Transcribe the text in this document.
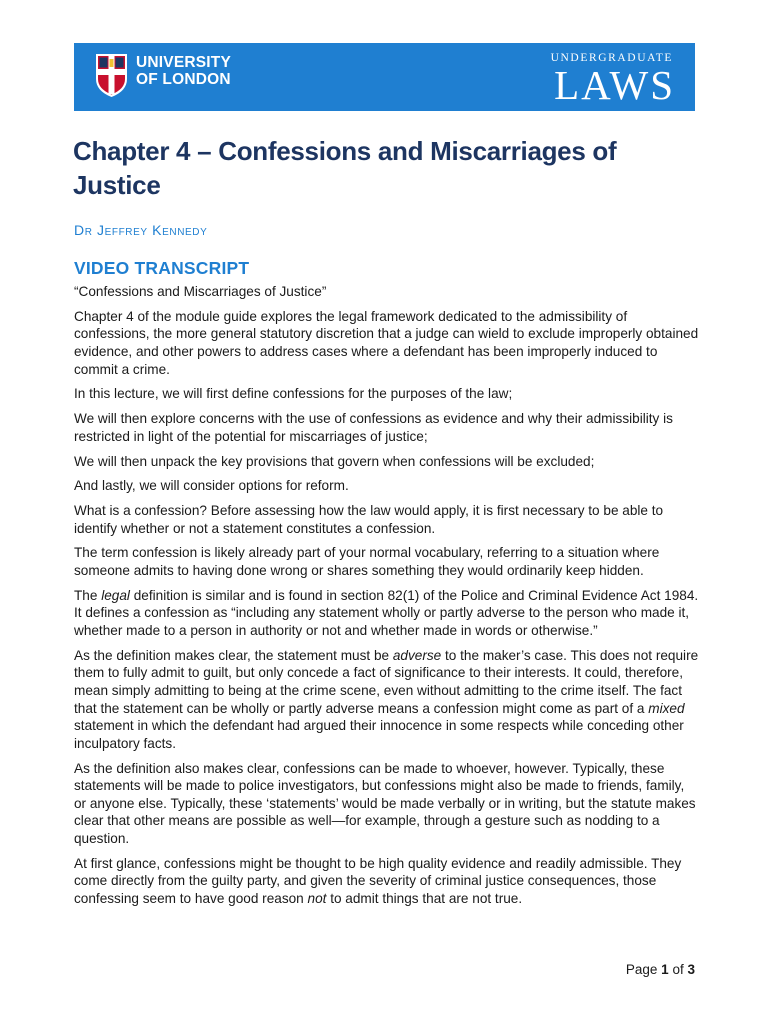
UNIVERSITY
OF LONDON
UNDERGRADUATE
LAWS
Chapter 4 – Confessions and Miscarriages of Justice
Dr Jeffrey Kennedy
VIDEO TRANSCRIPT

“Confessions and Miscarriages of Justice”

Chapter 4 of the module guide explores the legal framework dedicated to the admissibility of confessions, the more general statutory discretion that a judge can wield to exclude improperly obtained evidence, and other powers to address cases where a defendant has been improperly induced to commit a crime.

In this lecture, we will first define confessions for the purposes of the law;

We will then explore concerns with the use of confessions as evidence and why their admissibility is restricted in light of the potential for miscarriages of justice;

We will then unpack the key provisions that govern when confessions will be excluded;

And lastly, we will consider options for reform.

What is a confession? Before assessing how the law would apply, it is first necessary to be able to identify whether or not a statement constitutes a confession.

The term confession is likely already part of your normal vocabulary, referring to a situation where someone admits to having done wrong or shares something they would ordinarily keep hidden.

The legal definition is similar and is found in section 82(1) of the Police and Criminal Evidence Act 1984. It defines a confession as “including any statement wholly or partly adverse to the person who made it, whether made to a person in authority or not and whether made in words or otherwise.”

As the definition makes clear, the statement must be adverse to the maker’s case. This does not require them to fully admit to guilt, but only concede a fact of significance to their interests. It could, therefore, mean simply admitting to being at the crime scene, even without admitting to the crime itself. The fact that the statement can be wholly or partly adverse means a confession might come as part of a mixed statement in which the defendant had argued their innocence in some respects while conceding other inculpatory facts.

As the definition also makes clear, confessions can be made to whoever, however. Typically, these statements will be made to police investigators, but confessions might also be made to friends, family, or anyone else. Typically, these ‘statements’ would be made verbally or in writing, but the statute makes clear that other means are possible as well—for example, through a gesture such as nodding to a question.

At first glance, confessions might be thought to be high quality evidence and readily admissible. They come directly from the guilty party, and given the severity of criminal justice consequences, those confessing seem to have good reason not to admit things that are not true.

Page 1 of 3
